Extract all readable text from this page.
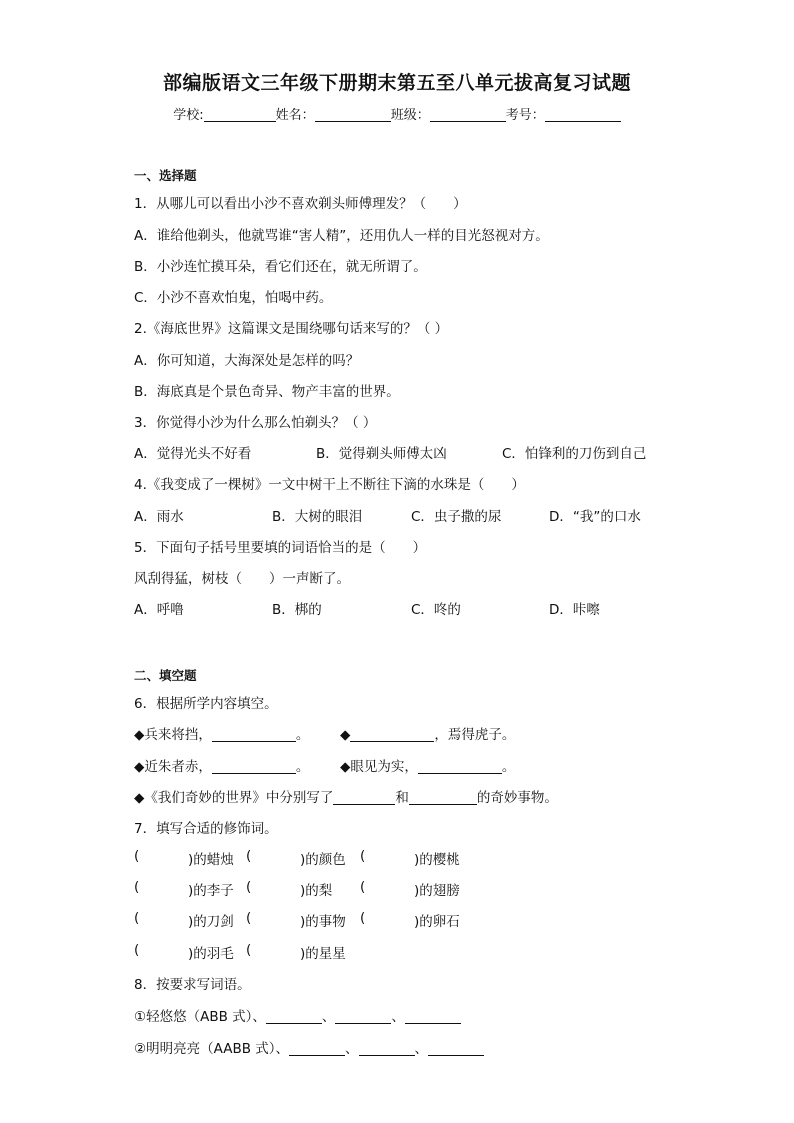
部编版语文三年级下册期末第五至八单元拔高复习试题
学校:	姓名：	班级：	考号：
一、选择题
1．从哪儿可以看出小沙不喜欢剃头师傅理发？（　　）
A．谁给他剃头，他就骂谁“害人精”，还用仇人一样的目光怒视对方。
B．小沙连忙摸耳朵，看它们还在，就无所谓了。
C．小沙不喜欢怕鬼，怕喝中药。
2.《海底世界》这篇课文是围绕哪句话来写的？（ ）
A．你可知道，大海深处是怎样的吗？
B．海底真是个景色奇异、物产丰富的世界。
3．你觉得小沙为什么那么怕剃头？（ ）
A．觉得光头不好看	B．觉得剃头师傅太凶	C．怕锋利的刀伤到自己
4.《我变成了一棵树》一文中树干上不断往下滴的水珠是（　　）
A．雨水	B．大树的眼泪	C．虫子撒的尿	D．“我”的口水
5．下面句子括号里要填的词语恰当的是（　　）
风刮得猛，树枝（　　）一声断了。
A．呼噜	B．梆的	C．咚的	D．咔嚓
二、填空题
6．根据所学内容填空。
◆兵来将挡，	。 ◆	，焉得虎子。
◆近朱者赤，	。 ◆眼见为实，	。
◆《我们奇妙的世界》中分别写了	和	的奇妙事物。
7．填写合适的修饰词。
(	)的蜡烛 (	)的颜色 (	)的樱桃
(	)的李子 (	)的梨 (	)的翅膀
(	)的刀剑 (	)的事物 (	)的卵石
(	)的羽毛 (	)的星星
8．按要求写词语。
①轻悠悠（ABB 式）、	、	、
②明明亮亮（AABB 式）、	、	、
